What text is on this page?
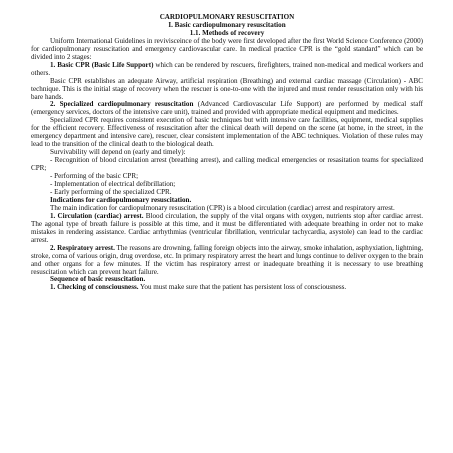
CARDIOPULMONARY RESUSCITATION
I. Basic cardiopulmonary resuscitation
1.1. Methods of recovery

Uniform International Guidelines in revivisceince of the body were first developed after the first World Science Conference (2000) for cardiopulmonary resuscitation and emergency cardiovascular care. In medical practice CPR is the “gold standard” which can be divided into 2 stages:

1. Basic CPR (Basic Life Support) which can be rendered by rescuers, firefighters, trained non-medical and medical workers and others.

Basic CPR establishes an adequate Airway, artificial respiration (Breathing) and external cardiac massage (Circulation) - ABC technique. This is the initial stage of recovery when the rescuer is one-to-one with the injured and must render resuscitation only with his bare hands.

2. Specialized cardiopulmonary resuscitation (Advanced Cardiovascular Life Support) are performed by medical staff (emergency services, doctors of the intensive care unit), trained and provided with appropriate medical equipment and medicines.

Specialized CPR requires consistent execution of basic techniques but with intensive care facilities, equipment, medical supplies for the efficient recovery. Effectiveness of resuscitation after the clinical death will depend on the scene (at home, in the street, in the emergency department and intensive care), rescuer, clear consistent implementation of the ABC techniques. Violation of these rules may lead to the transition of the clinical death to the biological death.

Survivability will depend on (early and timely):

- Recognition of blood circulation arrest (breathing arrest), and calling medical emergencies or resasitation teams for specialized CPR;

- Performing of the basic CPR;

- Implementation of electrical defibrillation;

- Early performing of the specialized CPR.

Indications for cardiopulmonary resuscitation.

The main indication for cardiopulmonary resuscitation (CPR) is a blood circulation (cardiac) arrest and respiratory arrest.

1. Circulation (cardiac) arrest. Blood circulation, the supply of the vital organs with oxygen, nutrients stop after cardiac arrest. The agonal type of breath failure is possible at this time, and it must be differentiated with adequate breathing in order not to make mistakes in rendering assistance. Cardiac arrhythmias (ventricular fibrillation, ventricular tachycardia, asystole) can lead to the cardiac arrest.

2. Respiratory arrest. The reasons are drowning, falling foreign objects into the airway, smoke inhalation, asphyxiation, lightning, stroke, coma of various origin, drug overdose, etc. In primary respiratory arrest the heart and lungs continue to deliver oxygen to the brain and other organs for a few minutes. If the victim has respiratory arrest or inadequate breathing it is necessary to use breathing resuscitation which can prevent heart failure.

Sequence of basic resuscitation.

1. Checking of consciousness. You must make sure that the patient has persistent loss of consciousness.
